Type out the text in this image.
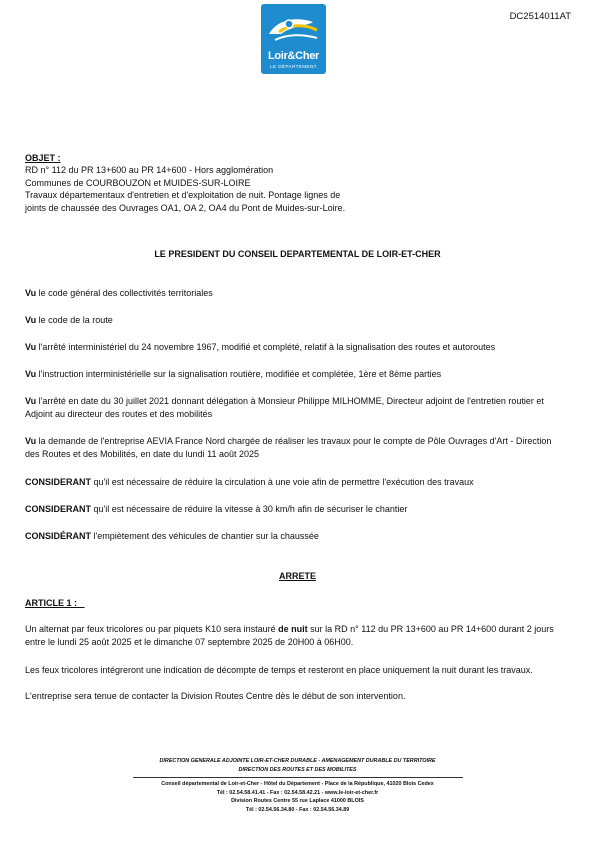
DC2514011AT
Loir&Cher
LE DÉPARTEMENT
OBJET :
RD n° 112 du PR 13+600 au PR 14+600 - Hors agglomération
Communes de COURBOUZON et MUIDES-SUR-LOIRE
Travaux départementaux d'entretien et d'exploitation de nuit. Pontage lignes de
joints de chaussée des Ouvrages OA1, OA 2, OA4 du Pont de Muides-sur-Loire.
LE PRESIDENT DU CONSEIL DEPARTEMENTAL DE LOIR-ET-CHER
Vu le code général des collectivités territoriales
Vu le code de la route
Vu l'arrêté interministériel du 24 novembre 1967, modifié et complété, relatif à la signalisation des routes et autoroutes
Vu l'instruction interministérielle sur la signalisation routière, modifiée et complétée, 1ère et 8ème parties
Vu l'arrêté en date du 30 juillet 2021 donnant délégation à Monsieur Philippe MILHOMME, Directeur adjoint de l'entretien routier et Adjoint au directeur des routes et des mobilités
Vu la demande de l'entreprise AEVIA France Nord chargée de réaliser les travaux pour le compte de Pôle Ouvrages d'Art - Direction des Routes et des Mobilités, en date du lundi 11 août 2025
CONSIDERANT qu'il est nécessaire de réduire la circulation à une voie afin de permettre l'exécution des travaux
CONSIDERANT qu'il est nécessaire de réduire la vitesse à 30 km/h afin de sécuriser le chantier
CONSIDÉRANT l'empiètement des véhicules de chantier sur la chaussée
ARRETE
ARTICLE 1 :
Un alternat par feux tricolores ou par piquets K10 sera instauré de nuit sur la RD n° 112 du PR 13+600 au PR 14+600 durant 2 jours entre le lundi 25 août 2025 et le dimanche 07 septembre 2025 de 20H00 à 06H00.
Les feux tricolores intégreront une indication de décompte de temps et resteront en place uniquement la nuit durant les travaux.
L'entreprise sera tenue de contacter la Division Routes Centre dès le début de son intervention.
DIRECTION GENERALE ADJOINTE LOIR-ET-CHER DURABLE - AMENAGEMENT DURABLE DU TERRITOIRE
DIRECTION DES ROUTES ET DES MOBILITES
Conseil départemental de Loir-et-Cher - Hôtel du Département - Place de la République, 41020 Blois Cedex
Tél : 02.54.58.41.41 - Fax : 02.54.58.42.21 - www.le-loir-et-cher.fr
Division Routes Centre 55 rue Laplace 41000 BLOIS
Tél : 02.54.56.34.80 - Fax : 02.54.56.34.89
